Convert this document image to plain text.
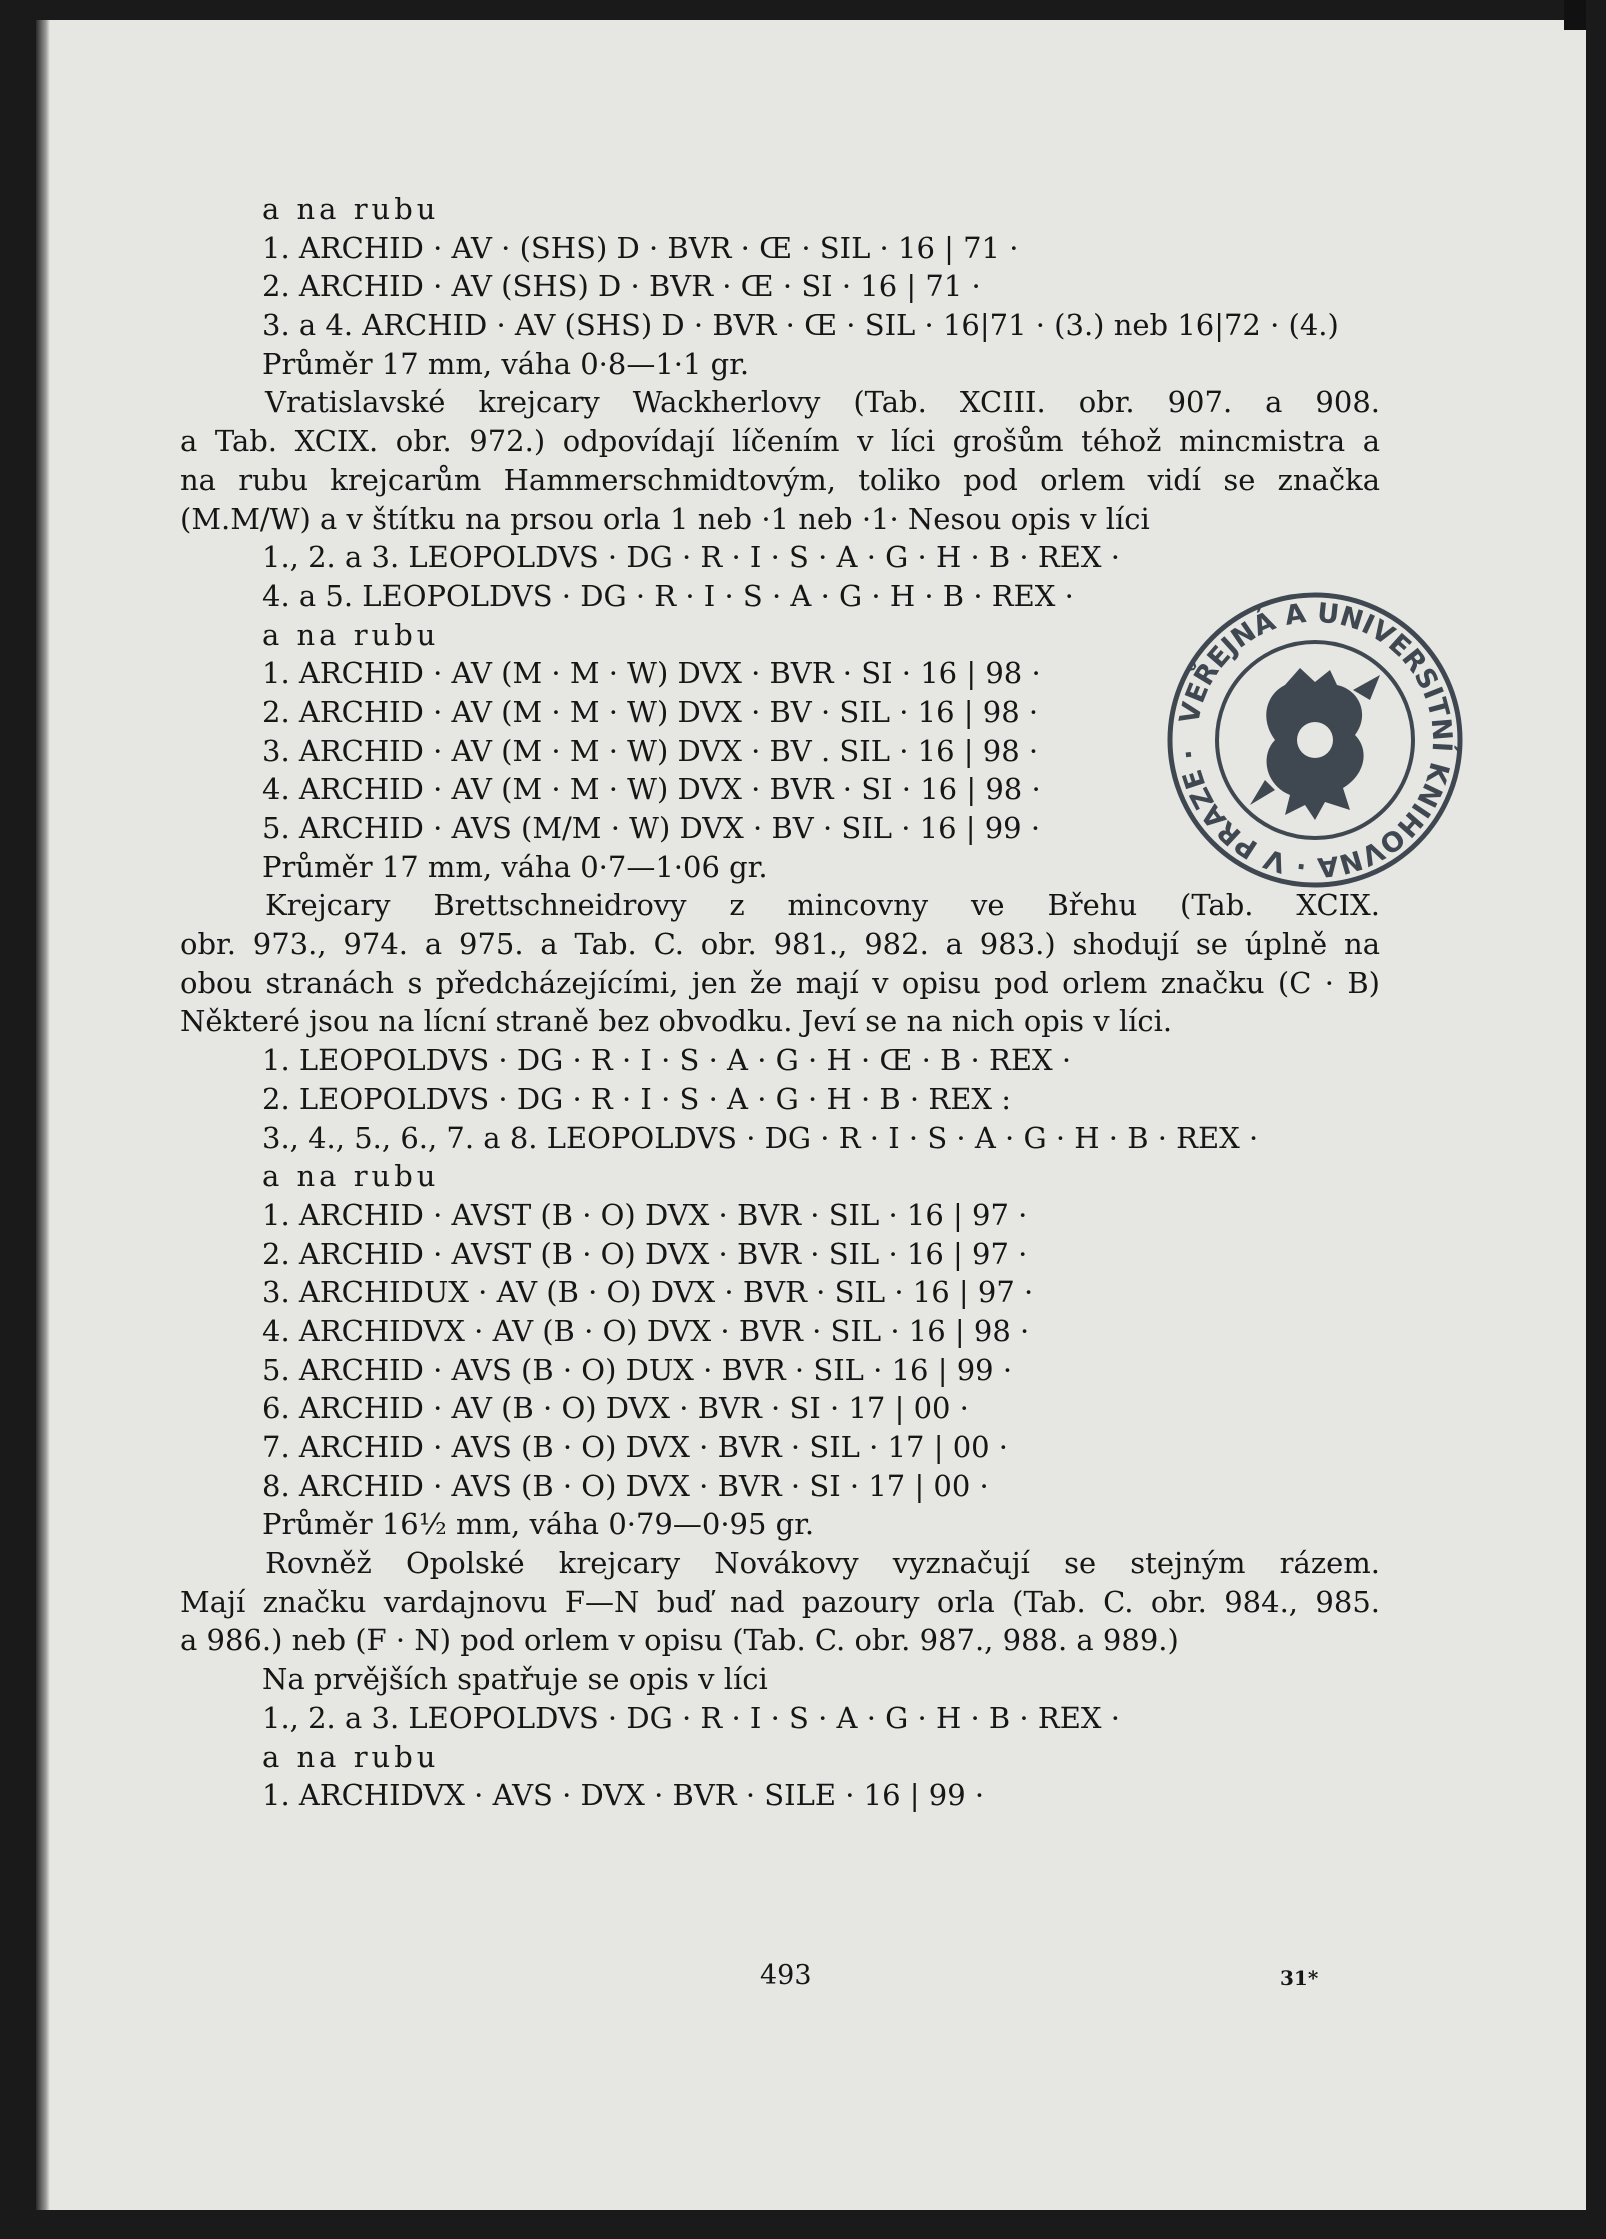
a na rubu
1. ARCHID · AV · (SHS) D · BVR · Œ · SIL · 16 | 71 ·
2. ARCHID · AV (SHS) D · BVR · Œ · SI · 16 | 71 ·
3. a 4. ARCHID · AV (SHS) D · BVR · Œ · SIL · 16|71 · (3.) neb 16|72 · (4.)
Průměr 17 mm, váha 0·8—1·1 gr.
Vratislavské krejcary Wackherlovy (Tab. XCIII. obr. 907. a 908.
a Tab. XCIX. obr. 972.) odpovídají líčením v líci grošům téhož mincmistra a
na rubu krejcarům Hammerschmidtovým, toliko pod orlem vidí se značka
(M.M/W) a v štítku na prsou orla 1 neb ·1 neb ·1· Nesou opis v líci
1., 2. a 3. LEOPOLDVS · DG · R · I · S · A · G · H · B · REX ·
4. a 5. LEOPOLDVS · DG · R · I · S · A · G · H · B · REX ·
a na rubu
1. ARCHID · AV (M · M · W) DVX · BVR · SI · 16 | 98 ·
2. ARCHID · AV (M · M · W) DVX · BV · SIL · 16 | 98 ·
3. ARCHID · AV (M · M · W) DVX · BV . SIL · 16 | 98 ·
4. ARCHID · AV (M · M · W) DVX · BVR · SI · 16 | 98 ·
5. ARCHID · AVS (M/M · W) DVX · BV · SIL · 16 | 99 ·
Průměr 17 mm, váha 0·7—1·06 gr.
Krejcary Brettschneidrovy z mincovny ve Břehu (Tab. XCIX.
obr. 973., 974. a 975. a Tab. C. obr. 981., 982. a 983.) shodují se úplně na
obou stranách s předcházejícími, jen že mají v opisu pod orlem značku (C · B)
Některé jsou na lícní straně bez obvodku. Jeví se na nich opis v líci.
1. LEOPOLDVS · DG · R · I · S · A · G · H · Œ · B · REX ·
2. LEOPOLDVS · DG · R · I · S · A · G · H · B · REX :
3., 4., 5., 6., 7. a 8. LEOPOLDVS · DG · R · I · S · A · G · H · B · REX ·
a na rubu
1. ARCHID · AVST (B · O) DVX · BVR · SIL · 16 | 97 ·
2. ARCHID · AVST (B · O) DVX · BVR · SIL · 16 | 97 ·
3. ARCHIDUX · AV (B · O) DVX · BVR · SIL · 16 | 97 ·
4. ARCHIDVX · AV (B · O) DVX · BVR · SIL · 16 | 98 ·
5. ARCHID · AVS (B · O) DUX · BVR · SIL · 16 | 99 ·
6. ARCHID · AV (B · O) DVX · BVR · SI · 17 | 00 ·
7. ARCHID · AVS (B · O) DVX · BVR · SIL · 17 | 00 ·
8. ARCHID · AVS (B · O) DVX · BVR · SI · 17 | 00 ·
Průměr 16½ mm, váha 0·79—0·95 gr.
Rovněž Opolské krejcary Novákovy vyznačují se stejným rázem.
Mají značku vardajnovu F—N buď nad pazoury orla (Tab. C. obr. 984., 985.
a 986.) neb (F · N) pod orlem v opisu (Tab. C. obr. 987., 988. a 989.)
Na prvějších spatřuje se opis v líci
1., 2. a 3. LEOPOLDVS · DG · R · I · S · A · G · H · B · REX ·
a na rubu
1. ARCHIDVX · AVS · DVX · BVR · SILE · 16 | 99 ·
VEŘEJNÁ A UNIVERSITNÍ KNIHOVNA · V PRAZE ·
493	31*
